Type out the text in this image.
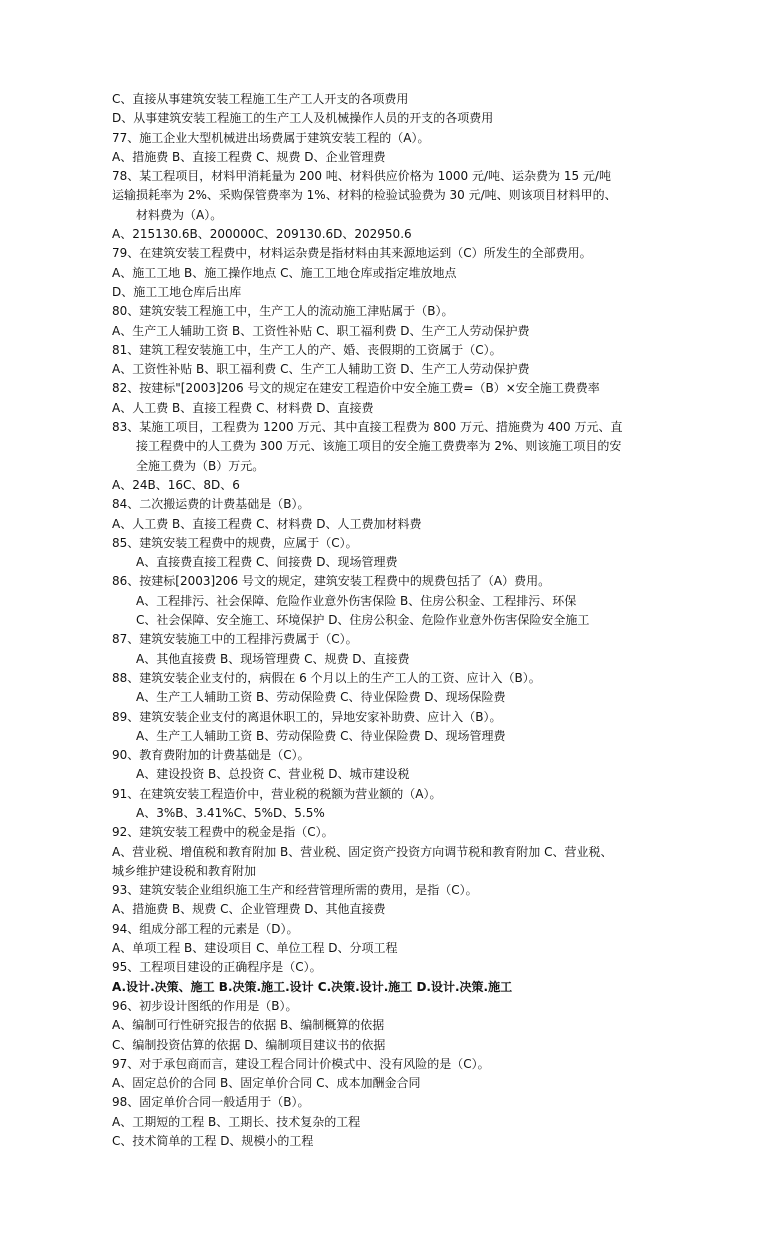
C、直接从事建筑安装工程施工生产工人开支的各项费用
D、从事建筑安装工程施工的生产工人及机械操作人员的开支的各项费用
77、施工企业大型机械进出场费属于建筑安装工程的（A）。
A、措施费 B、直接工程费 C、规费 D、企业管理费
78、某工程项目，材料甲消耗量为 200 吨、材料供应价格为 1000 元/吨、运杂费为 15 元/吨
运输损耗率为 2%、采购保管费率为 1%、材料的检验试验费为 30 元/吨、则该项目材料甲的、
材料费为（A）。
A、215130.6B、200000C、209130.6D、202950.6
79、在建筑安装工程费中，材料运杂费是指材料由其来源地运到（C）所发生的全部费用。
A、施工工地 B、施工操作地点 C、施工工地仓库或指定堆放地点
D、施工工地仓库后出库
80、建筑安装工程施工中，生产工人的流动施工津贴属于（B）。
A、生产工人辅助工资 B、工资性补贴 C、职工福利费 D、生产工人劳动保护费
81、建筑工程安装施工中，生产工人的产、婚、丧假期的工资属于（C）。
A、工资性补贴 B、职工福利费 C、生产工人辅助工资 D、生产工人劳动保护费
82、按建标"[2003]206 号文的规定在建安工程造价中安全施工费=（B）×安全施工费费率
A、人工费 B、直接工程费 C、材料费 D、直接费
83、某施工项目，工程费为 1200 万元、其中直接工程费为 800 万元、措施费为 400 万元、直
接工程费中的人工费为 300 万元、该施工项目的安全施工费费率为 2%、则该施工项目的安
全施工费为（B）万元。
A、24B、16C、8D、6
84、二次搬运费的计费基础是（B）。
A、人工费 B、直接工程费 C、材料费 D、人工费加材料费
85、建筑安装工程费中的规费，应属于（C）。
A、直接费直接工程费 C、间接费 D、现场管理费
86、按建标[2003]206 号文的规定，建筑安装工程费中的规费包括了（A）费用。
A、工程排污、社会保障、危险作业意外伤害保险 B、住房公积金、工程排污、环保
C、社会保障、安全施工、环境保护 D、住房公积金、危险作业意外伤害保险安全施工
87、建筑安装施工中的工程排污费属于（C）。
A、其他直接费 B、现场管理费 C、规费 D、直接费
88、建筑安装企业支付的，病假在 6 个月以上的生产工人的工资、应计入（B）。
A、生产工人辅助工资 B、劳动保险费 C、待业保险费 D、现场保险费
89、建筑安装企业支付的离退休职工的，异地安家补助费、应计入（B）。
A、生产工人辅助工资 B、劳动保险费 C、待业保险费 D、现场管理费
90、教育费附加的计费基础是（C）。
A、建设投资 B、总投资 C、营业税 D、城市建设税
91、在建筑安装工程造价中，营业税的税额为营业额的（A）。
A、3%B、3.41%C、5%D、5.5%
92、建筑安装工程费中的税金是指（C）。
A、营业税、增值税和教育附加 B、营业税、固定资产投资方向调节税和教育附加 C、营业税、
城乡维护建设税和教育附加
93、建筑安装企业组织施工生产和经营管理所需的费用，是指（C）。
A、措施费 B、规费 C、企业管理费 D、其他直接费
94、组成分部工程的元素是（D）。
A、单项工程 B、建设项目 C、单位工程 D、分项工程
95、工程项目建设的正确程序是（C）。
A.设计.决策、施工 B.决策.施工.设计 C.决策.设计.施工 D.设计.决策.施工
96、初步设计图纸的作用是（B）。
A、编制可行性研究报告的依据 B、编制概算的依据
C、编制投资估算的依据 D、编制项目建议书的依据
97、对于承包商而言，建设工程合同计价模式中、没有风险的是（C）。
A、固定总价的合同 B、固定单价合同 C、成本加酬金合同
98、固定单价合同一般适用于（B）。
A、工期短的工程 B、工期长、技术复杂的工程
C、技术简单的工程 D、规模小的工程
